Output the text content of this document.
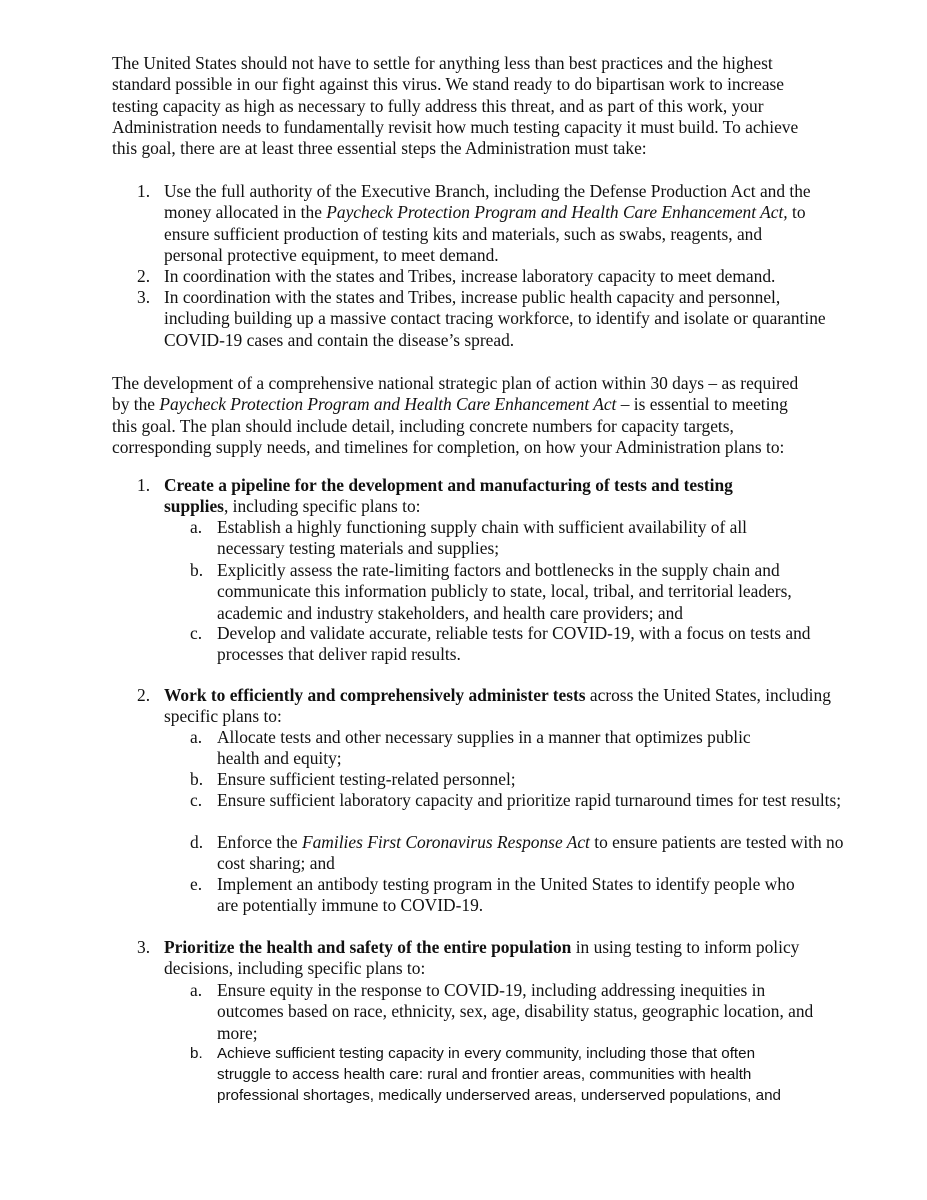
The United States should not have to settle for anything less than best practices and the highest standard possible in our fight against this virus. We stand ready to do bipartisan work to increase testing capacity as high as necessary to fully address this threat, and as part of this work, your Administration needs to fundamentally revisit how much testing capacity it must build. To achieve this goal, there are at least three essential steps the Administration must take:

1. Use the full authority of the Executive Branch, including the Defense Production Act and the money allocated in the Paycheck Protection Program and Health Care Enhancement Act, to ensure sufficient production of testing kits and materials, such as swabs, reagents, and personal protective equipment, to meet demand.
2. In coordination with the states and Tribes, increase laboratory capacity to meet demand.
3. In coordination with the states and Tribes, increase public health capacity and personnel, including building up a massive contact tracing workforce, to identify and isolate or quarantine COVID-19 cases and contain the disease’s spread.

The development of a comprehensive national strategic plan of action within 30 days – as required by the Paycheck Protection Program and Health Care Enhancement Act – is essential to meeting this goal. The plan should include detail, including concrete numbers for capacity targets, corresponding supply needs, and timelines for completion, on how your Administration plans to:

1. Create a pipeline for the development and manufacturing of tests and testing supplies, including specific plans to:
a. Establish a highly functioning supply chain with sufficient availability of all necessary testing materials and supplies;
b. Explicitly assess the rate-limiting factors and bottlenecks in the supply chain and communicate this information publicly to state, local, tribal, and territorial leaders, academic and industry stakeholders, and health care providers; and
c. Develop and validate accurate, reliable tests for COVID-19, with a focus on tests and processes that deliver rapid results.
2. Work to efficiently and comprehensively administer tests across the United States, including specific plans to:
a. Allocate tests and other necessary supplies in a manner that optimizes public health and equity;
b. Ensure sufficient testing-related personnel;
c. Ensure sufficient laboratory capacity and prioritize rapid turnaround times for test results;
d. Enforce the Families First Coronavirus Response Act to ensure patients are tested with no cost sharing; and
e. Implement an antibody testing program in the United States to identify people who are potentially immune to COVID-19.
3. Prioritize the health and safety of the entire population in using testing to inform policy decisions, including specific plans to:
a. Ensure equity in the response to COVID-19, including addressing inequities in outcomes based on race, ethnicity, sex, age, disability status, geographic location, and more;
b. Achieve sufficient testing capacity in every community, including those that often struggle to access health care: rural and frontier areas, communities with health professional shortages, medically underserved areas, underserved populations, and
